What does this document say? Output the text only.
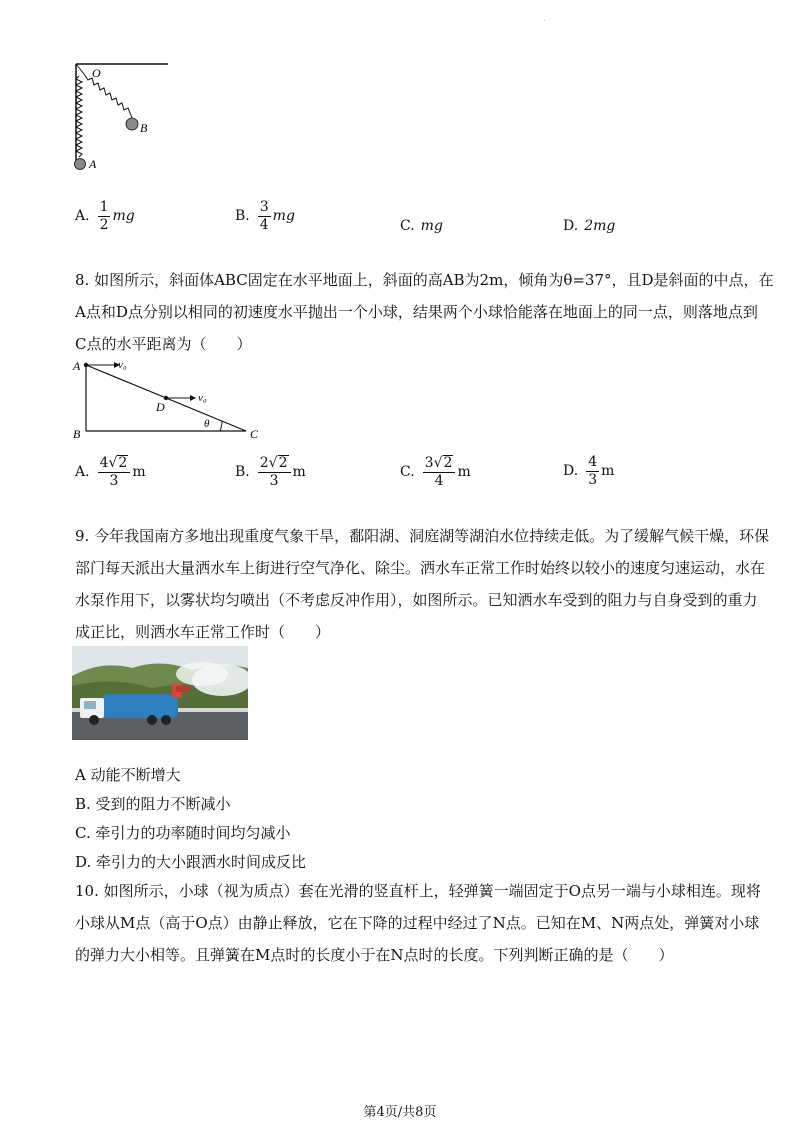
.
O
B
A
A. $\frac{1}{2}$ mg	B. $\frac{3}{4}$ mg
C. mg	D. 2mg
8. 如图所示，斜面体ABC固定在水平地面上，斜面的高AB为2m，倾角为θ=37°，且D是斜面的中点，在
A点和D点分别以相同的初速度水平抛出一个小球，结果两个小球恰能落在地面上的同一点，则落地点到
C点的水平距离为（　　）
A	v₀
D
v₀
B	C
θ
A. $\frac{4√ 2}{3}$ m	B. $\frac{2√ 2}{3}$ m	C. $\frac{3√ 2}{4}$ m	D. $\frac{4}{3}$ m
9. 今年我国南方多地出现重度气象干旱，鄱阳湖、洞庭湖等湖泊水位持续走低。为了缓解气候干燥，环保
部门每天派出大量洒水车上街进行空气净化、除尘。洒水车正常工作时始终以较小的速度匀速运动，水在
水泵作用下，以雾状均匀喷出（不考虑反冲作用），如图所示。已知洒水车受到的阻力与自身受到的重力
成正比，则洒水车正常工作时（　　）
A 动能不断增大
B. 受到的阻力不断减小
C. 牵引力的功率随时间均匀减小
D. 牵引力的大小跟洒水时间成反比
10. 如图所示，小球（视为质点）套在光滑的竖直杆上，轻弹簧一端固定于O点另一端与小球相连。现将
小球从M点（高于O点）由静止释放，它在下降的过程中经过了N点。已知在M、N两点处，弹簧对小球
的弹力大小相等。且弹簧在M点时的长度小于在N点时的长度。下列判断正确的是（　　）
第4页/共8页
